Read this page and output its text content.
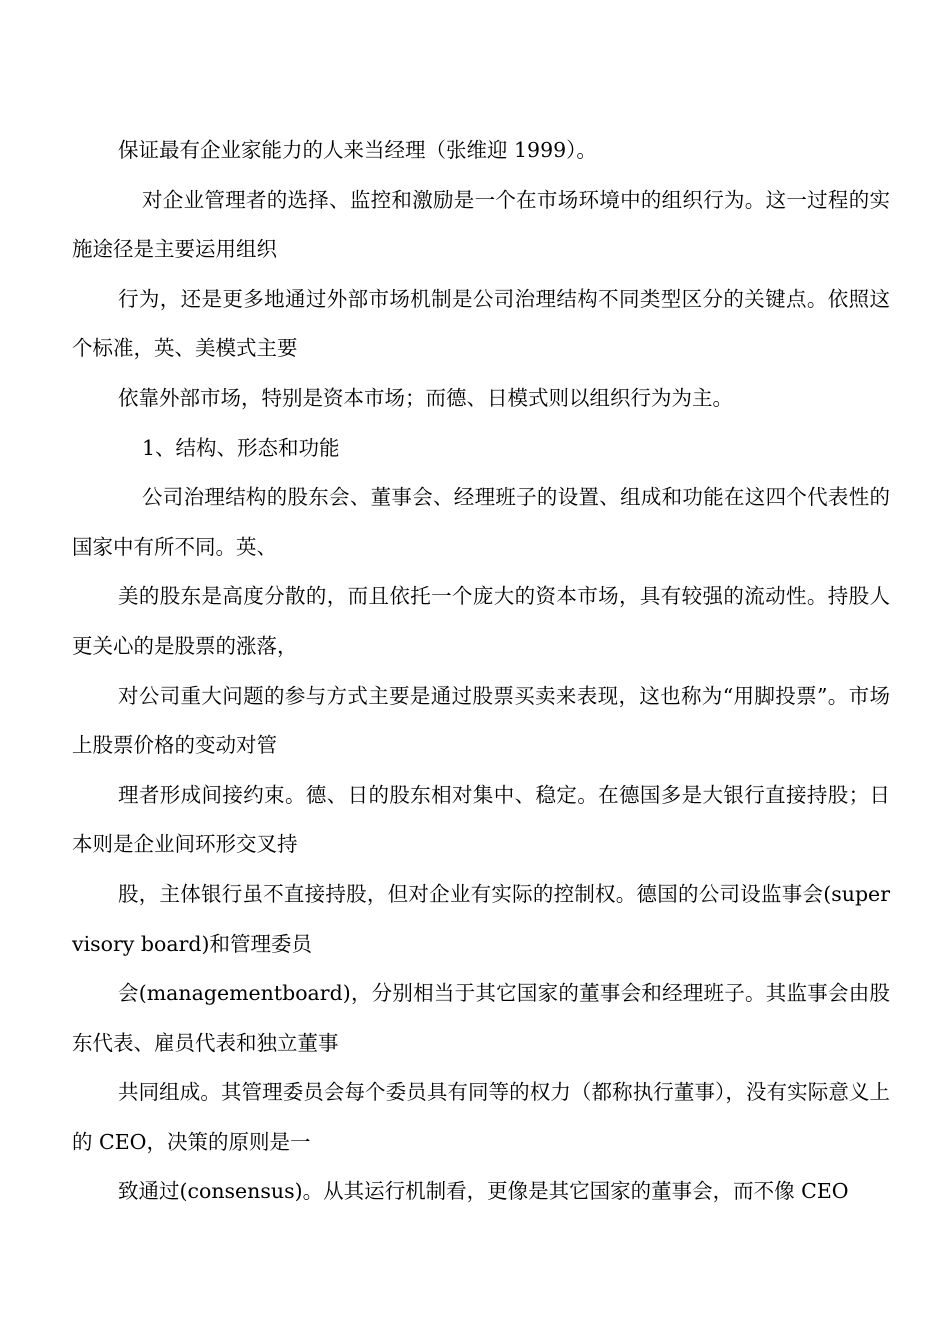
保证最有企业家能力的人来当经理（张维迎 1999）。

对企业管理者的选择、监控和激励是一个在市场环境中的组织行为。这一过程的实施途径是主要运用组织

行为，还是更多地通过外部市场机制是公司治理结构不同类型区分的关键点。依照这个标准，英、美模式主要

依靠外部市场，特别是资本市场；而德、日模式则以组织行为为主。

1、结构、形态和功能

公司治理结构的股东会、董事会、经理班子的设置、组成和功能在这四个代表性的国家中有所不同。英、

美的股东是高度分散的，而且依托一个庞大的资本市场，具有较强的流动性。持股人更关心的是股票的涨落，

对公司重大问题的参与方式主要是通过股票买卖来表现，这也称为“用脚投票”。市场上股票价格的变动对管

理者形成间接约束。德、日的股东相对集中、稳定。在德国多是大银行直接持股；日本则是企业间环形交叉持

股，主体银行虽不直接持股，但对企业有实际的控制权。德国的公司设监事会(supervisory board)和管理委员

会(managementboard)，分别相当于其它国家的董事会和经理班子。其监事会由股东代表、雇员代表和独立董事

共同组成。其管理委员会每个委员具有同等的权力（都称执行董事），没有实际意义上的 CEO，决策的原则是一

致通过(consensus)。从其运行机制看，更像是其它国家的董事会，而不像 CEO
